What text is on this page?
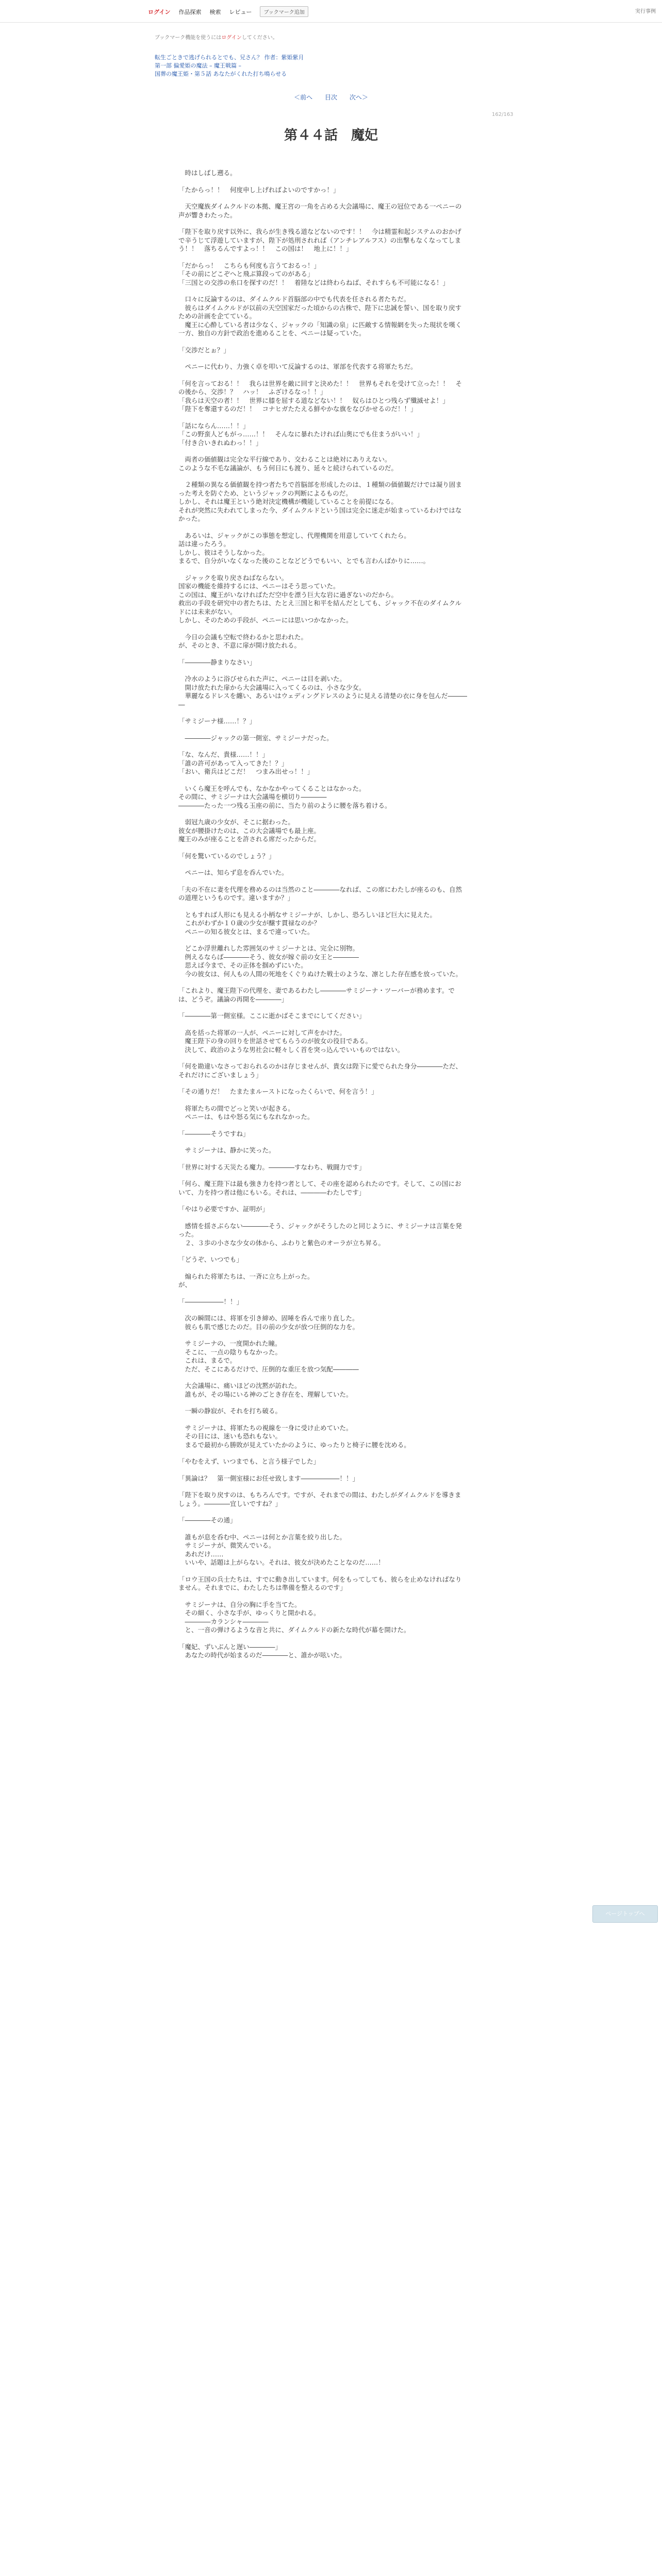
ログイン 作品探索 検索 レビュー	ブックマーク追加	実行事例
ブックマーク機能を使うにはログインしてください。
転生ごときで逃げられるとでも、兄さん？ 作者：紫姫紫月
第一部 偏愛姫の魔法 – 魔王戦篇 –
国葬の魔王姫・第５話 あなたがくれた打ち鳴らせる
＜前へ 目次 次へ＞
162/163
第４４話　魔妃

　時はしばし遡る。

「たからっ！！　何度申し上げればよいのですかっ！」

　天空魔族ダイムクルドの本拠、魔王宮の一角を占める大会議場に、魔王の冠位である一ぺニーの声が響きわたった。

「陛下を取り戻す以外に、我らが生き残る道などないのです！！　今は精霊和起システムのおかげで辛うじて浮遊していますが、陛下が処刑されれば（アンチレアルフス）の出撃もなくなってしまう！！　落ちるんですよっ！！　この国は！　地上に！！」

「だからっ！　こちらも何度も言うておるっ！」
「その前にどこぞへと飛ぶ算段ってのがある」
「三国との交渉の糸口を探すのだ！！　着陸などは終わらねば、それすらも不可能になる！」

　口々に反論するのは、ダイムクルド首脳部の中でも代表を任される者たちだ。
　彼らはダイムクルドが以前の天空国家だった頃からの古株で、陛下に忠誠を誓い、国を取り戻すための計画を企てている。
　魔王に心酔している者は少なく、ジャックの「知識の泉」に匹敵する情報網を失った現状を嘆く一方、独自の方針で政治を進めることを、ペニーは疑っていた。

「交渉だとぉ？」

　ペニーに代わり、力強く卓を叩いて反論するのは、軍部を代表する将軍たちだ。

「何を言っておる！！　我らは世界を敵に回すと決めた！！　世界もそれを受けて立った！！　その後から、交渉！？　ハッ！　ふざけるなっ！！」
「我らは天空の者！！　世界に膝を屈する道などない！！　奴らはひとつ残らず殲滅せよ！」
「陛下を奪還するのだ！！　コナヒガたたえる鮮やかな旗をなびかせるのだ！！」

「話にならん……！！」
「この野蛮人どもがっ……！！　そんなに暴れたければ山奥にでも住まうがいい！」
「付き合いきれぬわっ！！」

　両者の価値観は完全な平行線であり、交わることは絶対にありえない。
このような不毛な議論が、もう何日にも渡り、延々と続けられているのだ。

　２種類の異なる価値観を持つ者たちで首脳部を形成したのは、１種類の価値観だけでは凝り固まった考えを防ぐため、というジャックの判断によるものだ。
しかし、それは魔王という絶対決定機構が機能していることを前提になる。
それが突然に失われてしまった今、ダイムクルドという国は完全に迷走が始まっているわけではなかった。

　あるいは、ジャックがこの事態を想定し、代理機関を用意していてくれたら。
話は違ったろう。
しかし、彼はそうしなかった。
まるで、自分がいなくなった後のことなどどうでもいい、とでも言わんばかりに……。

　ジャックを取り戻さねばならない。
国家の機能を維持するには、ペニーはそう思っていた。
この国は、魔王がいなければただ空中を漂う巨大な岩に過ぎないのだから。
救出の手段を研究中の者たちは、たとえ三国と和平を結んだとしても、ジャック不在のダイムクルドには未来がない。
しかし、そのための手段が、ペニーには思いつかなかった。

　今日の会議も空転で終わるかと思われた。
が、そのとき、不意に扉が開け放たれる。

「――――静まりなさい」

　冷水のように浴びせられた声に、ペニーは目を剥いた。
　開け放たれた扉から大会議場に入ってくるのは、小さな少女。
　華麗なるドレスを纏い、あるいはウェディングドレスのように見える清楚の衣に身を包んだ――――

「サミジーナ様……！？」

　――――ジャックの第一側室、サミジーナだった。

「な、なんだ、貴様……！！」
「誰の許可があって入ってきた！？」
「おい、衛兵はどこだ！　つまみ出せっ！！」

　いくら魔王を呼んでも、なかなかやってくることはなかった。
その間に、サミジーナは大会議場を横切り――――
――――たった一つ残る玉座の前に、当たり前のように腰を落ち着ける。

　弱冠九歳の少女が、そこに据わった。
彼女が腰掛けたのは、この大会議場でも最上座。
魔王のみが座ることを許される席だったからだ。

「何を驚いているのでしょう？」

　ペニーは、知らず息を呑んでいた。

「夫の不在に妻を代理を務めるのは当然のこと――――なれば、この席にわたしが座るのも、自然の道理というものです。違いますか？」

　ともすれば人形にも見える小柄なサミジーナが、しかし、恐ろしいほど巨大に見えた。
　これがわずか１０歳の少女が醸す貫禄なのか？
　ペニーの知る彼女とは、まるで違っていた。

　どこか浮世離れした雰囲気のサミジーナとは、完全に別物。
　例えるならば――――そう、彼女が嫁ぐ前の女王と――――
　思えば今まで、その正体を掴めずにいた。
　今の彼女は、何人もの人間の死地をくぐりぬけた戦士のような、凛とした存在感を放っていた。

「これより、魔王陛下の代理を、妻であるわたし――――サミジーナ・ツーバーが務めます。では、どうぞ。議論の再開を――――」

「――――第一側室様。ここに逝かばそこまでにしてください」

　高を括った将軍の一人が、ペニーに対して声をかけた。
　魔王陛下の身の回りを世話させてもらうのが彼女の役目である。
　決して、政治のような男社会に軽々しく首を突っ込んでいいものではない。

「何を勘違いなさっておられるのかは存じませんが、貴女は陛下に愛でられた身分――――ただ、それだけにございましょう」

「その通りだ！　たまたまルーストになったくらいで、何を言う！」

　将軍たちの間でどっと笑いが起きる。
　ペニーは、もはや怒る気にもなれなかった。

「――――そうですね」

　サミジーナは、静かに笑った。

「世界に対する天災たる魔力。――――すなわち、戦闘力です」

「何ら、魔王陛下は最も強き力を持つ者として、その座を認められたのです。そして、この国において、力を持つ者は他にもいる。それは、――――わたしです」

「やはり必要ですか、証明が」

　感情を揺さぶらない――――そう、ジャックがそうしたのと同じように、サミジーナは言葉を発った。
　２、３歩の小さな少女の体から、ふわりと紫色のオーラが立ち昇る。

「どうぞ、いつでも」

　煽られた将軍たちは、一斉に立ち上がった。
が、

「――――――！！」

　次の瞬間には、将軍を引き締め、固唾を呑んで座り直した。
　彼らも肌で感じたのだ。目の前の少女が放つ圧倒的な力を。

　サミジーナの、一度開かれた瞳。
　そこに、一点の陰りもなかった。
　これは、まるで。
　ただ、そこにあるだけで、圧倒的な重圧を放つ気配――――

　大会議場に、痛いほどの沈黙が訪れた。
　誰もが、その場にいる神のごとき存在を、理解していた。

　一瞬の静寂が、それを打ち破る。

　サミジーナは、将軍たちの視線を一身に受け止めていた。
　その目には、迷いも恐れもない。
　まるで最初から勝敗が見えていたかのように、ゆったりと椅子に腰を沈める。

「やむをえず、いつまでも、と言う様子でした」

「異論は？　第一側室様にお任せ致します――――――！！」

「陛下を取り戻すのは、もちろんです。ですが、それまでの間は、わたしがダイムクルドを導きましょう。――――宜しいですね？」

「――――その通」

　誰もが息を呑む中、ペニーは何とか言葉を絞り出した。
　サミジーナが、微笑んでいる。
　あれだけ……
　いいや、話題は上がらない。それは、彼女が決めたことなのだ……！

「ロウ王国の兵士たちは、すでに動き出しています。何をもってしても、彼らを止めなければなりません。それまでに、わたしたちは準備を整えるのです」

　サミジーナは、自分の胸に手を当てた。
　その細く、小さな手が、ゆっくりと開かれる。
　――――カランシャ――――
　と、一音の弾けるような音と共に、ダイムクルドの新たな時代が幕を開けた。

「魔妃、ずいぶんと遅い――――」
　あなたの時代が始まるのだ――――と、誰かが呟いた。

ページトップへ
